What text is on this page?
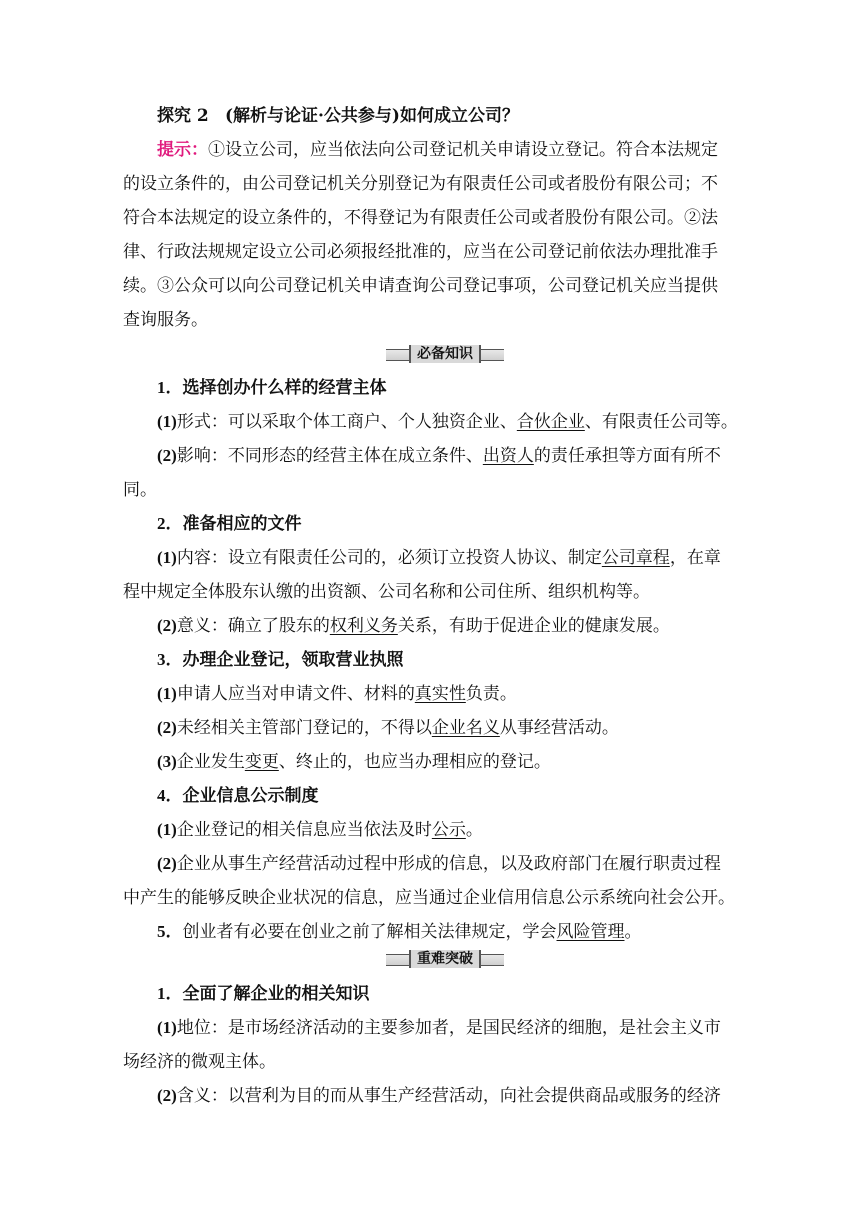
探究 2 (解析与论证·公共参与)如何成立公司？
提示：①设立公司，应当依法向公司登记机关申请设立登记。符合本法规定
的设立条件的，由公司登记机关分别登记为有限责任公司或者股份有限公司；不
符合本法规定的设立条件的，不得登记为有限责任公司或者股份有限公司。②法
律、行政法规规定设立公司必须报经批准的，应当在公司登记前依法办理批准手
续。③公众可以向公司登记机关申请查询公司登记事项，公司登记机关应当提供
查询服务。
必备知识
1．选择创办什么样的经营主体
(1)形式：可以采取个体工商户、个人独资企业、合伙企业、有限责任公司等。
(2)影响：不同形态的经营主体在成立条件、出资人的责任承担等方面有所不
同。
2．准备相应的文件
(1)内容：设立有限责任公司的，必须订立投资人协议、制定公司章程，在章
程中规定全体股东认缴的出资额、公司名称和公司住所、组织机构等。
(2)意义：确立了股东的权利义务关系，有助于促进企业的健康发展。
3．办理企业登记，领取营业执照
(1)申请人应当对申请文件、材料的真实性负责。
(2)未经相关主管部门登记的，不得以企业名义从事经营活动。
(3)企业发生变更、终止的，也应当办理相应的登记。
4．企业信息公示制度
(1)企业登记的相关信息应当依法及时公示。
(2)企业从事生产经营活动过程中形成的信息，以及政府部门在履行职责过程
中产生的能够反映企业状况的信息，应当通过企业信用信息公示系统向社会公开。
5．创业者有必要在创业之前了解相关法律规定，学会风险管理。
重难突破
1．全面了解企业的相关知识
(1)地位：是市场经济活动的主要参加者，是国民经济的细胞，是社会主义市
场经济的微观主体。
(2)含义：以营利为目的而从事生产经营活动，向社会提供商品或服务的经济
